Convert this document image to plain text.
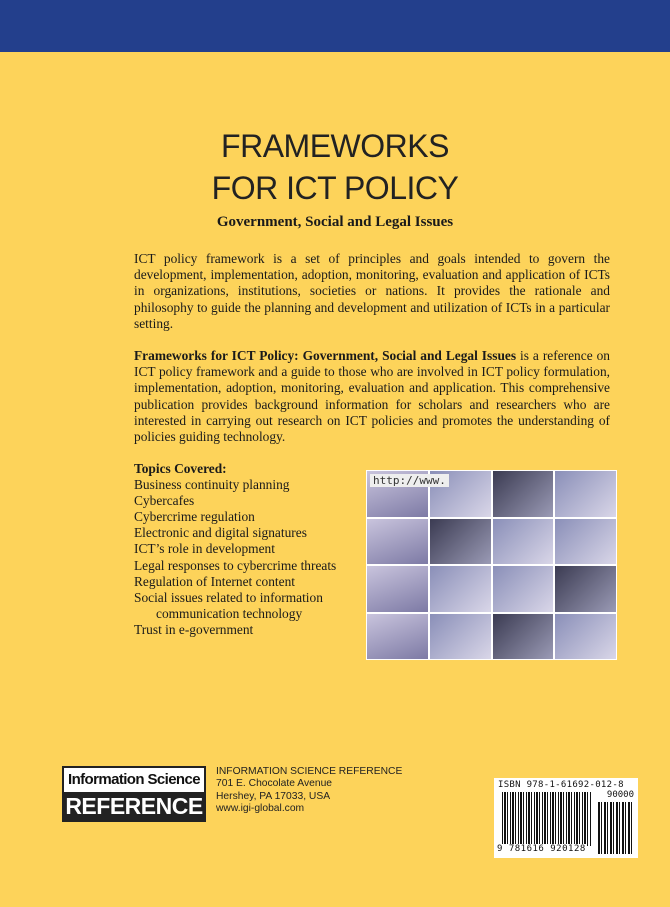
FRAMEWORKS
FOR ICT POLICY
Government, Social and Legal Issues

ICT policy framework is a set of principles and goals intended to govern the development, implementation, adoption, monitoring, evaluation and application of ICTs in organizations, institutions, societies or nations. It provides the rationale and philosophy to guide the planning and development and utilization of ICTs in a particular setting.

Frameworks for ICT Policy: Government, Social and Legal Issues is a reference on ICT policy framework and a guide to those who are involved in ICT policy formulation, implementation, adoption, monitoring, evaluation and application. This comprehensive publication provides background information for scholars and researchers who are interested in carrying out research on ICT policies and promotes the understanding of policies guiding technology.

Topics Covered:
Business continuity planning
Cybercafes
Cybercrime regulation
Electronic and digital signatures
ICT’s role in development
Legal responses to cybercrime threats
Regulation of Internet content
Social issues related to information
communication technology
Trust in e-government
http://www.
Information Science
REFERENCE
INFORMATION SCIENCE REFERENCE
701 E. Chocolate Avenue
Hershey, PA 17033, USA
www.igi-global.com
ISBN 978-1-61692-012-8
90000
9 781616 920128
